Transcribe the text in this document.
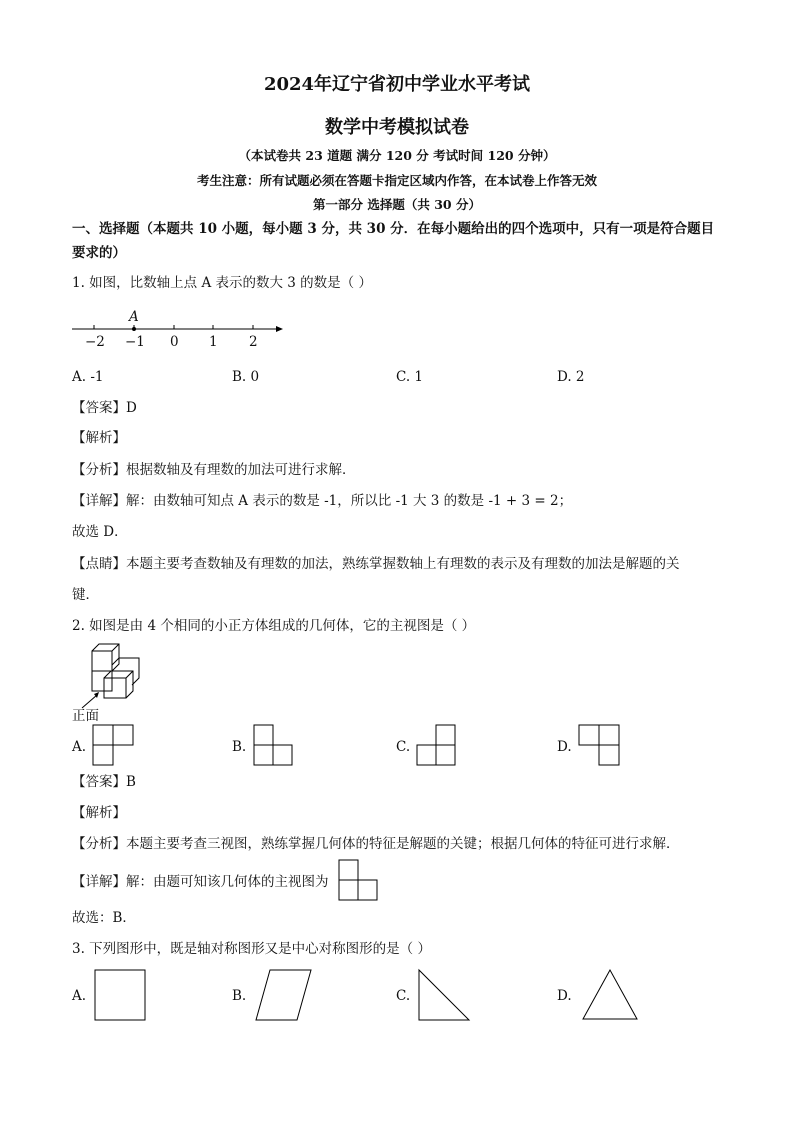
2024年辽宁省初中学业水平考试
数学中考模拟试卷
（本试卷共 23 道题 满分 120 分 考试时间 120 分钟）
考生注意：所有试题必须在答题卡指定区域内作答，在本试卷上作答无效
第一部分 选择题（共 30 分）
一、选择题（本题共 10 小题，每小题 3 分，共 30 分．在每小题给出的四个选项中，只有一项是符合题目
要求的）
1. 如图，比数轴上点 A 表示的数大 3 的数是（ ）
A
−2 −1 0 1 2
A. -1	B. 0	C. 1	D. 2
【答案】D
【解析】
【分析】根据数轴及有理数的加法可进行求解．
【详解】解：由数轴可知点 A 表示的数是 -1，所以比 -1 大 3 的数是 -1 + 3 = 2；
故选 D．
【点睛】本题主要考查数轴及有理数的加法，熟练掌握数轴上有理数的表示及有理数的加法是解题的关
键．
2. 如图是由 4 个相同的小正方体组成的几何体，它的主视图是（ ）
正面
A.	B.	C.	D.
【答案】B
【解析】
【分析】本题主要考查三视图，熟练掌握几何体的特征是解题的关键；根据几何体的特征可进行求解．
【详解】解：由题可知该几何体的主视图为
故选：B．
3. 下列图形中，既是轴对称图形又是中心对称图形的是（ ）
A.	B.	C.	D.
